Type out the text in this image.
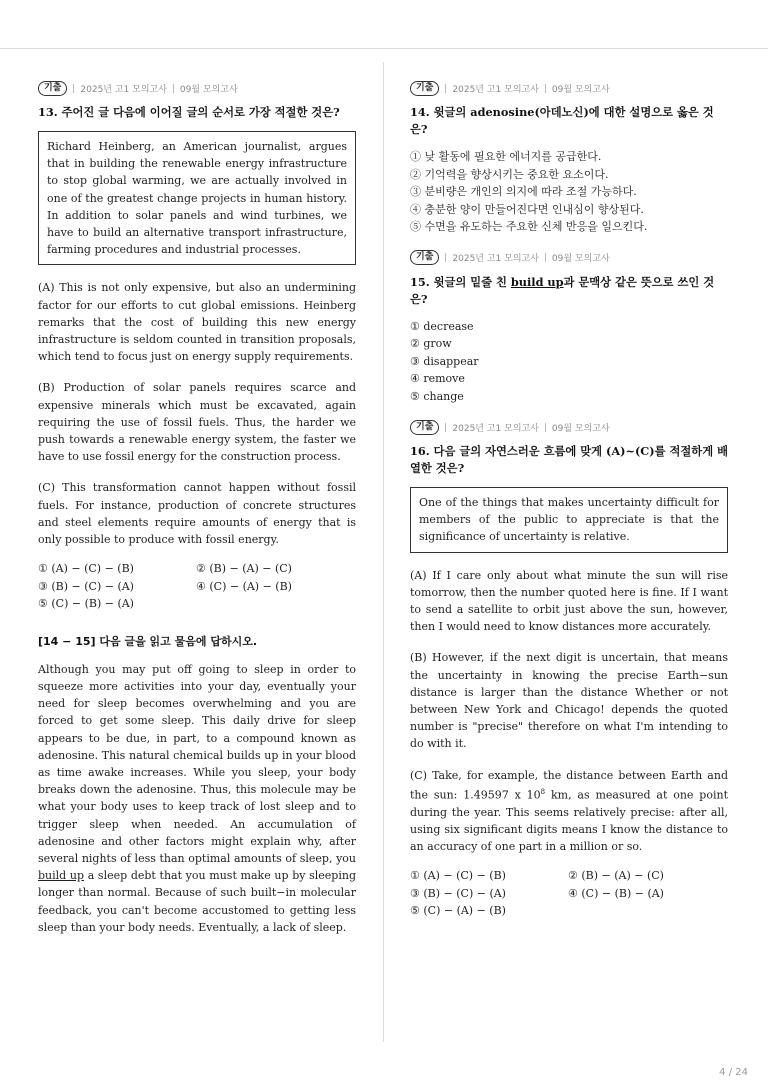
기출	2025년 고1 모의고사 09월 모의고사
13. 주어진 글 다음에 이어질 글의 순서로 가장 적절한 것은?
Richard Heinberg, an American journalist, argues that in building the renewable energy infrastructure to stop global warming, we are actually involved in one of the greatest change projects in human history. In addition to solar panels and wind turbines, we have to build an alternative transport infrastructure, farming procedures and industrial processes.

(A) This is not only expensive, but also an undermining factor for our efforts to cut global emissions. Heinberg remarks that the cost of building this new energy infrastructure is seldom counted in transition proposals, which tend to focus just on energy supply requirements.

(B) Production of solar panels requires scarce and expensive minerals which must be excavated, again requiring the use of fossil fuels. Thus, the harder we push towards a renewable energy system, the faster we have to use fossil energy for the construction process.

(C) This transformation cannot happen without fossil fuels. For instance, production of concrete structures and steel elements require amounts of energy that is only possible to produce with fossil energy.

① (A) − (C) − (B)	② (B) − (A) − (C)
③ (B) − (C) − (A)	④ (C) − (A) − (B)
⑤ (C) − (B) − (A)
[14 − 15] 다음 글을 읽고 물음에 답하시오.

Although you may put off going to sleep in order to squeeze more activities into your day, eventually your need for sleep becomes overwhelming and you are forced to get some sleep. This daily drive for sleep appears to be due, in part, to a compound known as adenosine. This natural chemical builds up in your blood as time awake increases. While you sleep, your body breaks down the adenosine. Thus, this molecule may be what your body uses to keep track of lost sleep and to trigger sleep when needed. An accumulation of adenosine and other factors might explain why, after several nights of less than optimal amounts of sleep, you build up a sleep debt that you must make up by sleeping longer than normal. Because of such built−in molecular feedback, you can't become accustomed to getting less sleep than your body needs. Eventually, a lack of sleep.

기출	2025년 고1 모의고사 09월 모의고사
14. 윗글의 adenosine(아데노신)에 대한 설명으로 옳은 것은?
① 낮 활동에 필요한 에너지를 공급한다.
② 기억력을 향상시키는 중요한 요소이다.
③ 분비량은 개인의 의지에 따라 조절 가능하다.
④ 충분한 양이 만들어진다면 인내심이 향상된다.
⑤ 수면을 유도하는 주요한 신체 반응을 일으킨다.
기출	2025년 고1 모의고사 09월 모의고사
15. 윗글의 밑줄 친 build up과 문맥상 같은 뜻으로 쓰인 것은?
① decrease
② grow
③ disappear
④ remove
⑤ change
기출	2025년 고1 모의고사 09월 모의고사
16. 다음 글의 자연스러운 흐름에 맞게 (A)~(C)를 적절하게 배열한 것은?
One of the things that makes uncertainty difficult for members of the public to appreciate is that the significance of uncertainty is relative.

(A) If I care only about what minute the sun will rise tomorrow, then the number quoted here is fine. If I want to send a satellite to orbit just above the sun, however, then I would need to know distances more accurately.

(B) However, if the next digit is uncertain, that means the uncertainty in knowing the precise Earth−sun distance is larger than the distance Whether or not between New York and Chicago! depends the quoted number is "precise" therefore on what I'm intending to do with it.

(C) Take, for example, the distance between Earth and the sun: 1.49597 x $10^8$ km, as measured at one point during the year. This seems relatively precise: after all, using six significant digits means I know the distance to an accuracy of one part in a million or so.

① (A) − (C) − (B)	② (B) − (A) − (C)
③ (B) − (C) − (A)	④ (C) − (B) − (A)
⑤ (C) − (A) − (B)
4 / 24
